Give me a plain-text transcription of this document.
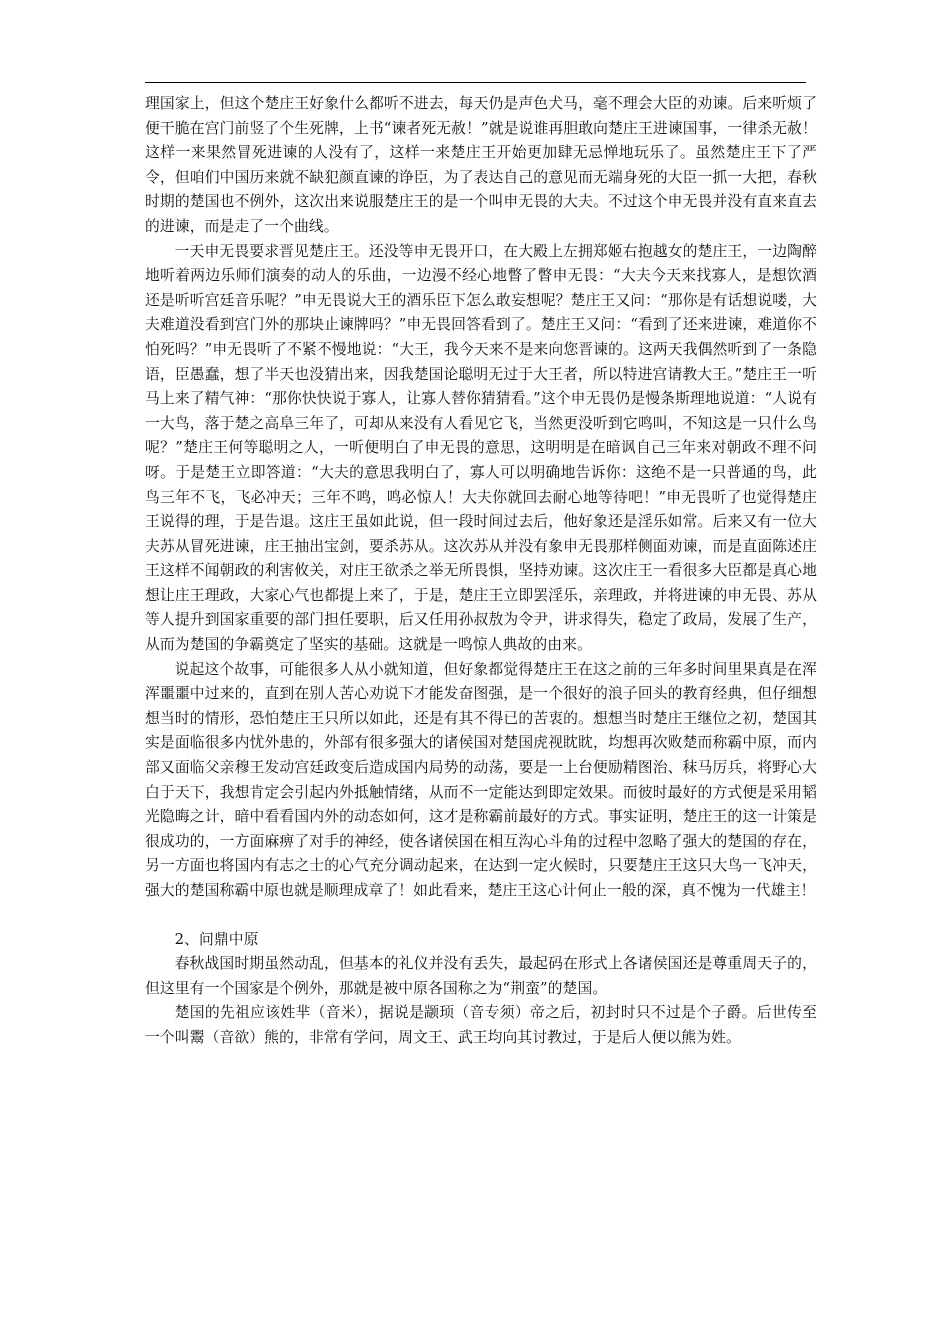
理国家上，但这个楚庄王好象什么都听不进去，每天仍是声色犬马，毫不理会大臣的劝谏。后来听烦了便干脆在宫门前竖了个生死牌，上书“谏者死无赦！”就是说谁再胆敢向楚庄王进谏国事，一律杀无赦！这样一来果然冒死进谏的人没有了，这样一来楚庄王开始更加肆无忌惮地玩乐了。虽然楚庄王下了严令，但咱们中国历来就不缺犯颜直谏的诤臣，为了表达自己的意见而无端身死的大臣一抓一大把，春秋时期的楚国也不例外，这次出来说服楚庄王的是一个叫申无畏的大夫。不过这个申无畏并没有直来直去的进谏，而是走了一个曲线。

一天申无畏要求晋见楚庄王。还没等申无畏开口，在大殿上左拥郑姬右抱越女的楚庄王，一边陶醉地听着两边乐师们演奏的动人的乐曲，一边漫不经心地瞥了瞥申无畏：“大夫今天来找寡人，是想饮酒还是听听宫廷音乐呢？”申无畏说大王的酒乐臣下怎么敢妄想呢？楚庄王又问：“那你是有话想说喽，大夫难道没看到宫门外的那块止谏牌吗？”申无畏回答看到了。楚庄王又问：“看到了还来进谏，难道你不怕死吗？”申无畏听了不紧不慢地说：“大王，我今天来不是来向您晋谏的。这两天我偶然听到了一条隐语，臣愚蠢，想了半天也没猜出来，因我楚国论聪明无过于大王者，所以特进宫请教大王。”楚庄王一听马上来了精气神：“那你快快说于寡人，让寡人替你猜猜看。”这个申无畏仍是慢条斯理地说道：“人说有一大鸟，落于楚之高阜三年了，可却从来没有人看见它飞，当然更没听到它鸣叫，不知这是一只什么鸟呢？”楚庄王何等聪明之人，一听便明白了申无畏的意思，这明明是在暗讽自己三年来对朝政不理不问呀。于是楚王立即答道：“大夫的意思我明白了，寡人可以明确地告诉你：这绝不是一只普通的鸟，此鸟三年不飞，飞必冲天；三年不鸣，鸣必惊人！大夫你就回去耐心地等待吧！”申无畏听了也觉得楚庄王说得的理，于是告退。这庄王虽如此说，但一段时间过去后，他好象还是淫乐如常。后来又有一位大夫苏从冒死进谏，庄王抽出宝剑，要杀苏从。这次苏从并没有象申无畏那样侧面劝谏，而是直面陈述庄王这样不闻朝政的利害攸关，对庄王欲杀之举无所畏惧，坚持劝谏。这次庄王一看很多大臣都是真心地想让庄王理政，大家心气也都提上来了，于是，楚庄王立即罢淫乐，亲理政，并将进谏的申无畏、苏从等人提升到国家重要的部门担任要职，后又任用孙叔敖为令尹，讲求得失，稳定了政局，发展了生产，从而为楚国的争霸奠定了坚实的基础。这就是一鸣惊人典故的由来。

说起这个故事，可能很多人从小就知道，但好象都觉得楚庄王在这之前的三年多时间里果真是在浑浑噩噩中过来的，直到在别人苦心劝说下才能发奋图强，是一个很好的浪子回头的教育经典，但仔细想想当时的情形，恐怕楚庄王只所以如此，还是有其不得已的苦衷的。想想当时楚庄王继位之初，楚国其实是面临很多内忧外患的，外部有很多强大的诸侯国对楚国虎视眈眈，均想再次败楚而称霸中原，而内部又面临父亲穆王发动宫廷政变后造成国内局势的动荡，要是一上台便励精图治、秣马厉兵，将野心大白于天下，我想肯定会引起内外抵触情绪，从而不一定能达到即定效果。而彼时最好的方式便是采用韬光隐晦之计，暗中看看国内外的动态如何，这才是称霸前最好的方式。事实证明，楚庄王的这一计策是很成功的，一方面麻痹了对手的神经，使各诸侯国在相互沟心斗角的过程中忽略了强大的楚国的存在，另一方面也将国内有志之士的心气充分调动起来，在达到一定火候时，只要楚庄王这只大鸟一飞冲天，强大的楚国称霸中原也就是顺理成章了！如此看来，楚庄王这心计何止一般的深，真不愧为一代雄主！

2、问鼎中原

春秋战国时期虽然动乱，但基本的礼仪并没有丢失，最起码在形式上各诸侯国还是尊重周天子的，但这里有一个国家是个例外，那就是被中原各国称之为“荆蛮”的楚国。

楚国的先祖应该姓芈（音米），据说是颛顼（音专须）帝之后，初封时只不过是个子爵。后世传至一个叫鬻（音欲）熊的，非常有学问，周文王、武王均向其讨教过，于是后人便以熊为姓。
